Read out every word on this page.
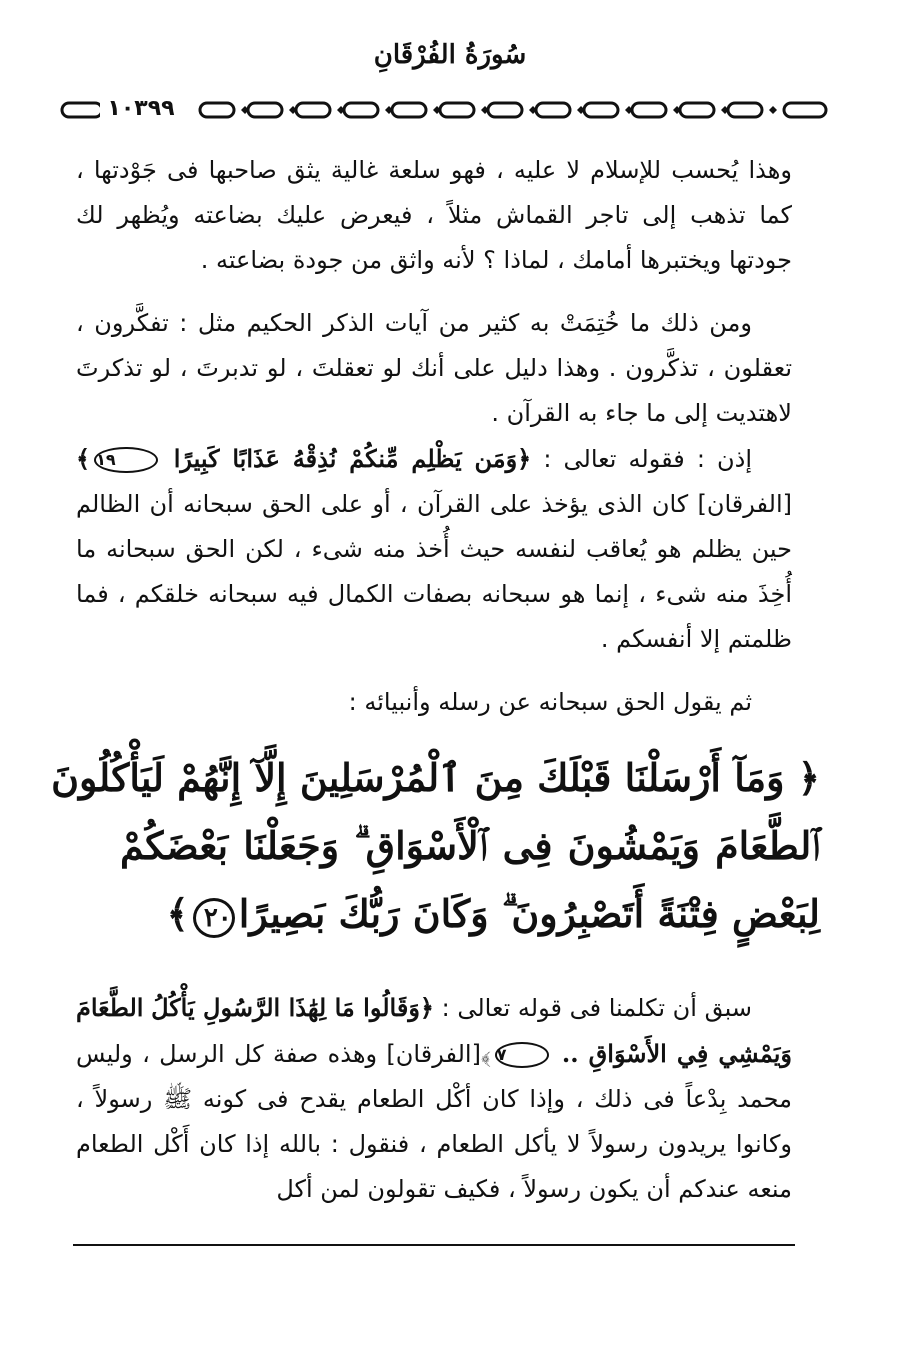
سُورَةُ الفُرْقَانِ
١٠٣٩٩

وهذا يُحسب للإسلام لا عليه ، فهو سلعة غالية يثق صاحبها فى جَوْدتها ، كما تذهب إلى تاجر القماش مثلاً ، فيعرض عليك بضاعته ويُظهر لك جودتها ويختبرها أمامك ، لماذا ؟ لأنه واثق من جودة بضاعته .

ومن ذلك ما خُتِمَتْ به كثير من آيات الذكر الحكيم مثل : تفكَّرون ، تعقلون ، تذكَّرون . وهذا دليل على أنك لو تعقلتَ ، لو تدبرتَ ، لو تذكرتَ لاهتديت إلى ما جاء به القرآن .

إذن : فقوله تعالى : ﴿وَمَن يَظْلِم مِّنكُمْ نُذِقْهُ عَذَابًا كَبِيرًا ١٩﴾ [الفرقان] كان الذى يؤخذ على القرآن ، أو على الحق سبحانه أن الظالم حين يظلم هو يُعاقب لنفسه حيث أُخذ منه شىء ، لكن الحق سبحانه ما أُخِذَ منه شىء ، إنما هو سبحانه بصفات الكمال فيه سبحانه خلقكم ، فما ظلمتم إلا أنفسكم .

ثم يقول الحق سبحانه عن رسله وأنبيائه :

﴿ وَمَآ أَرْسَلْنَا قَبْلَكَ مِنَ ٱلْمُرْسَلِينَ إِلَّآ إِنَّهُمْ لَيَأْكُلُونَ
ٱلطَّعَامَ وَيَمْشُونَ فِى ٱلْأَسْوَاقِ ۗ وَجَعَلْنَا بَعْضَكُمْ
لِبَعْضٍ فِتْنَةً أَتَصْبِرُونَ ۗ وَكَانَ رَبُّكَ بَصِيرًا٢٠﴾

سبق أن تكلمنا فى قوله تعالى : ﴿وَقَالُوا مَا لِهَٰذَا الرَّسُولِ يَأْكُلُ الطَّعَامَ وَيَمْشِي فِي الأَسْوَاقِ .. ٧﴾[الفرقان] وهذه صفة كل الرسل ، وليس محمد بِدْعاً فى ذلك ، وإذا كان أكْل الطعام يقدح فى كونه ﷺ رسولاً ، وكانوا يريدون رسولاً لا يأكل الطعام ، فنقول : بالله إذا كان أَكْل الطعام منعه عندكم أن يكون رسولاً ، فكيف تقولون لمن أكل
